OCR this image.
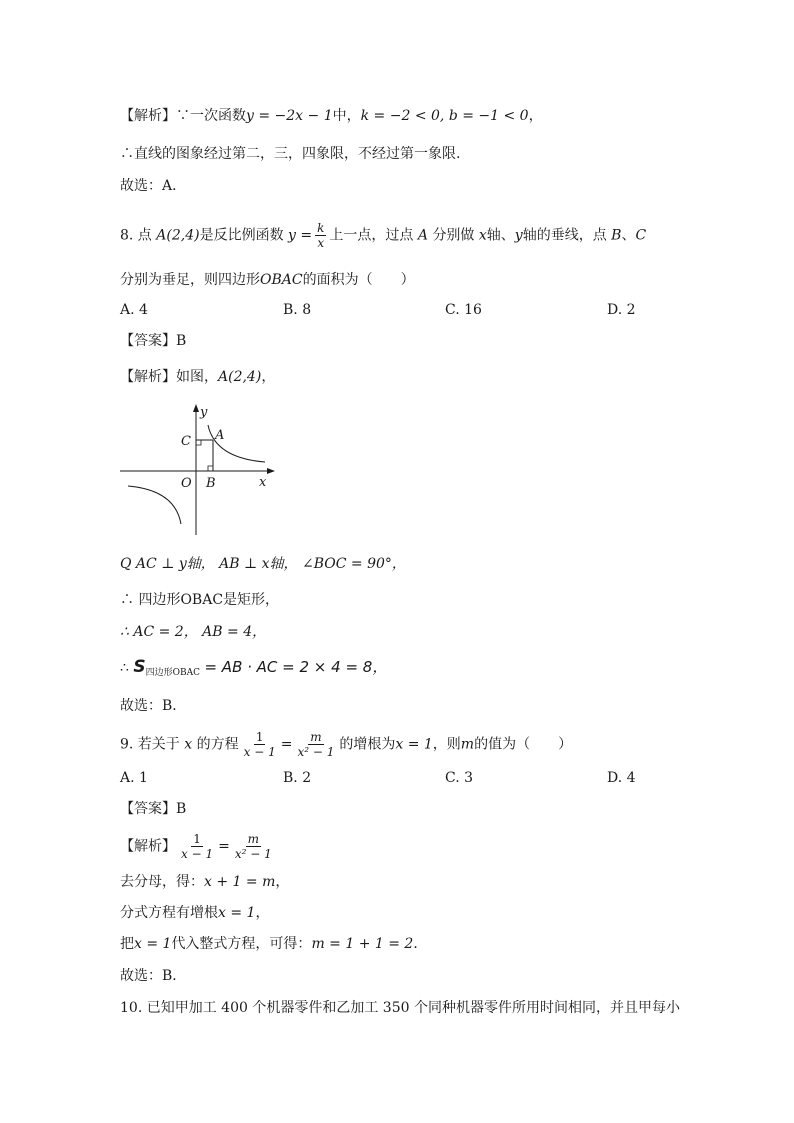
【解析】∵一次函数y = −2x − 1中，k = −2 < 0, b = −1 < 0，
∴直线的图象经过第二，三，四象限，不经过第一象限.
故选：A．
8. 点 A(2,4)是反比例函数 $y = \frac{k}{x}$ 上一点，过点 A 分别做 x轴、y轴的垂线，点 B、C
分别为垂足，则四边形OBAC的面积为（　　）
A. 4	B. 8	C. 16	D. 2
【答案】B
【解析】如图，A(2,4)，
y
x
O
A
B
C
Q AC ⊥ y轴， AB ⊥ x轴， ∠BOC = 90°，
∴ 四边形OBAC是矩形，
∴ AC = 2， AB = 4，
∴ $S_{四边形OBAC}$ = AB · AC = 2 × 4 = 8，
故选：B．
9. 若关于 x 的方程 $\frac{1}{x - 1} = \frac{m}{\text{x² − 1}}$ 的增根为x = 1，则m的值为（　　）
A. 1	B. 2	C. 3	D. 4
【答案】B
【解析】 $\frac{1}{x - 1} = \frac{m}{\text{x² − 1}}$
去分母，得：x + 1 = m，
分式方程有增根x = 1，
把x = 1代入整式方程，可得：m = 1 + 1 = 2．
故选：B．
10. 已知甲加工 400 个机器零件和乙加工 350 个同种机器零件所用时间相同，并且甲每小
